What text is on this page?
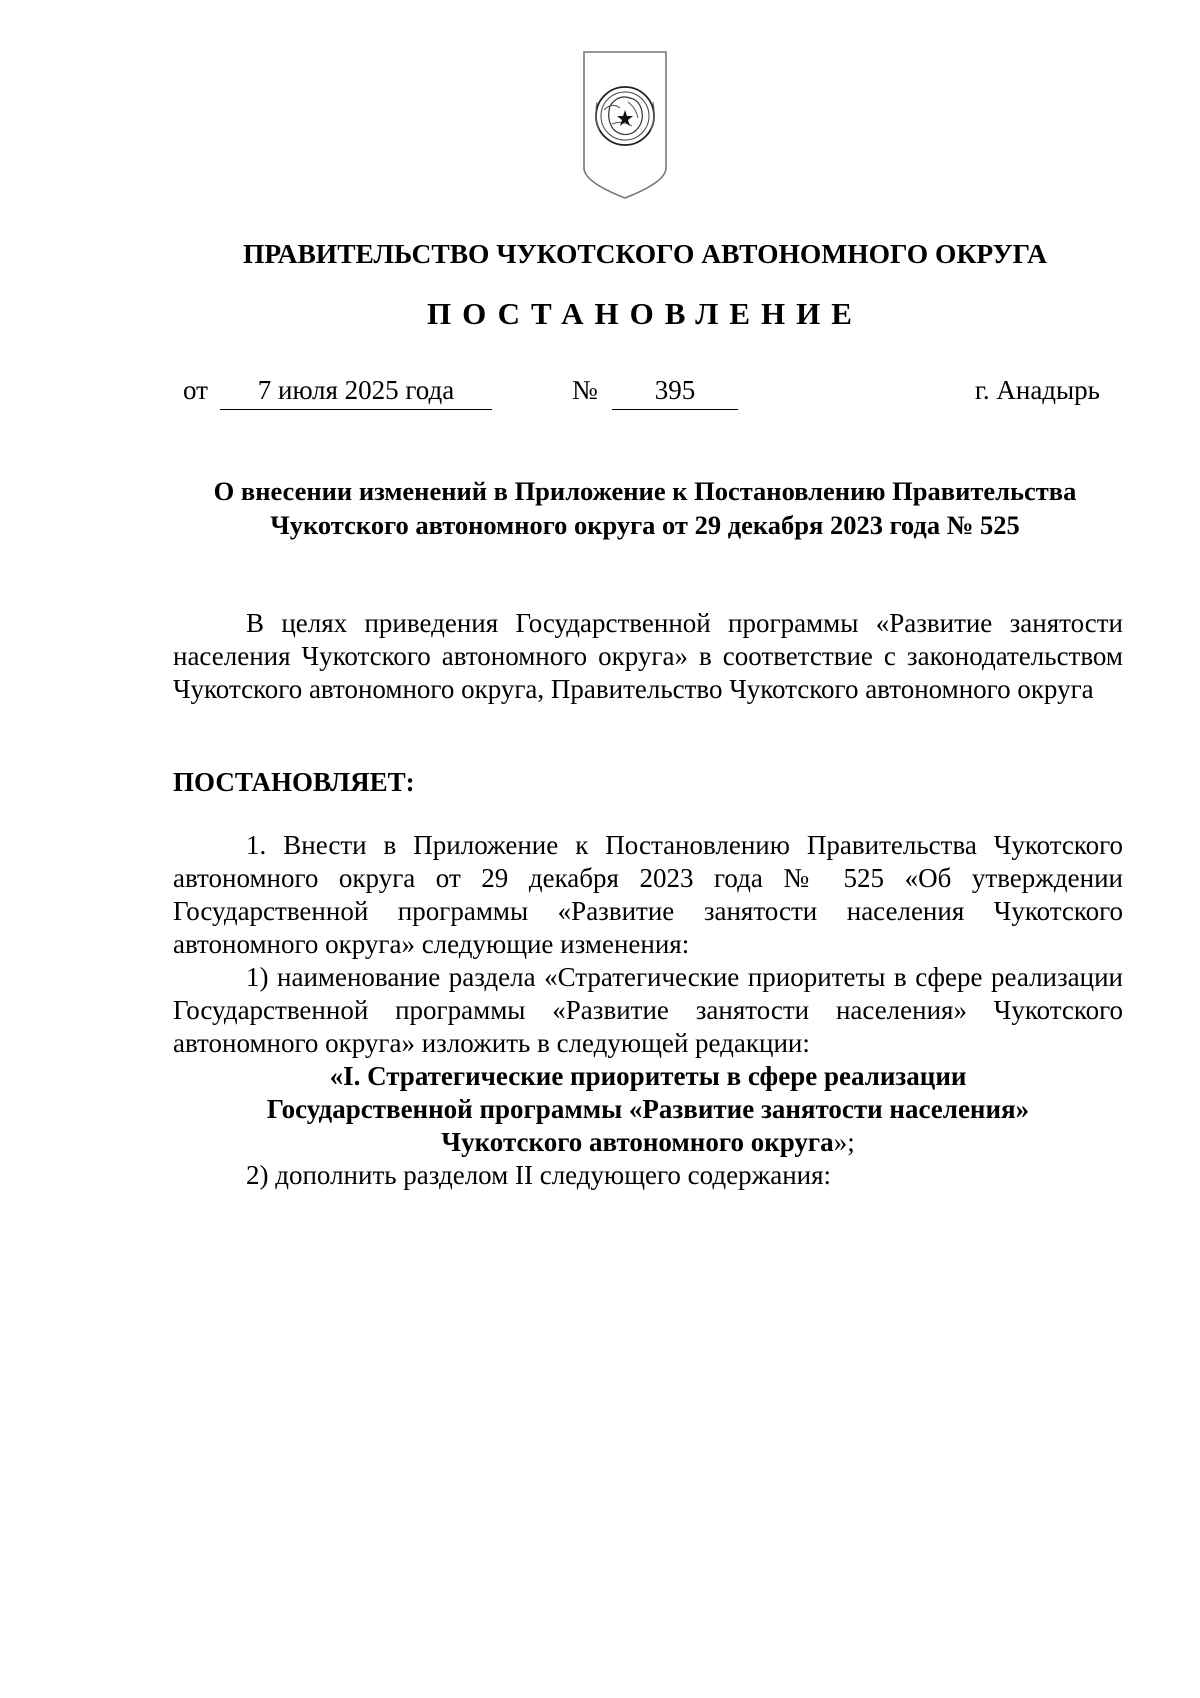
ПРАВИТЕЛЬСТВО ЧУКОТСКОГО АВТОНОМНОГО ОКРУГА
ПОСТАНОВЛЕНИЕ
от	7 июля 2025 года	№	395	г. Анадырь
О внесении изменений в Приложение к Постановлению Правительства
Чукотского автономного округа от 29 декабря 2023 года № 525

В целях приведения Государственной программы «Развитие занятости населения Чукотского автономного округа» в соответствие с законодательством Чукотского автономного округа, Правительство Чукотского автономного округа

ПОСТАНОВЛЯЕТ:

1. Внести в Приложение к Постановлению Правительства Чукотского автономного округа от 29 декабря 2023 года № 525 «Об утверждении Государственной программы «Развитие занятости населения Чукотского автономного округа» следующие изменения:

1) наименование раздела «Стратегические приоритеты в сфере реализации Государственной программы «Развитие занятости населения» Чукотского автономного округа» изложить в следующей редакции:

«I. Стратегические приоритеты в сфере реализации
Государственной программы «Развитие занятости населения»
Чукотского автономного округа»;

2) дополнить разделом II следующего содержания:
